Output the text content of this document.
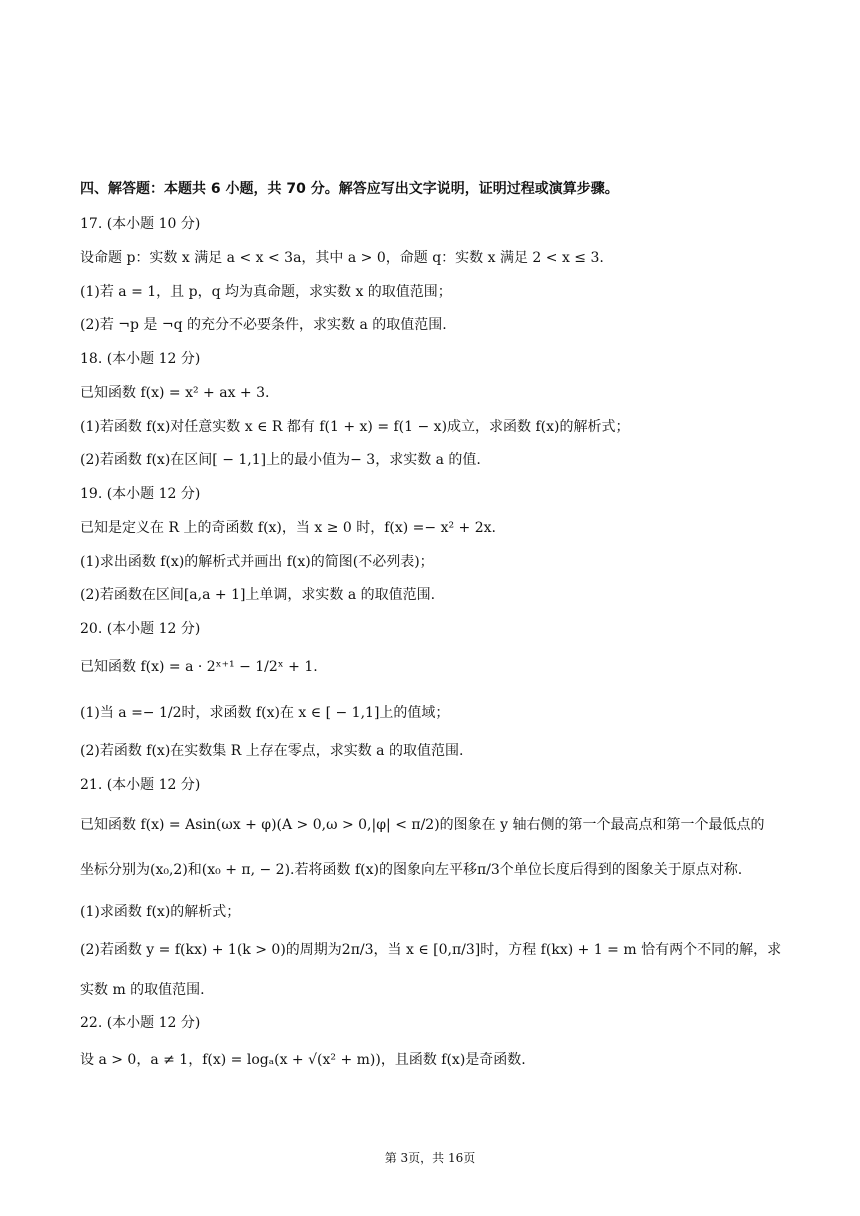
四、解答题：本题共 6 小题，共 70 分。解答应写出文字说明，证明过程或演算步骤。
17. (本小题 10 分)
设命题 p：实数 x 满足 a < x < 3a，其中 a > 0，命题 q：实数 x 满足 2 < x ≤ 3.
(1)若 a = 1，且 p，q 均为真命题，求实数 x 的取值范围；
(2)若 ¬p 是 ¬q 的充分不必要条件，求实数 a 的取值范围.
18. (本小题 12 分)
已知函数 f(x) = x² + ax + 3.
(1)若函数 f(x)对任意实数 x ∈ R 都有 f(1 + x) = f(1 − x)成立，求函数 f(x)的解析式；
(2)若函数 f(x)在区间[ − 1,1]上的最小值为− 3，求实数 a 的值.
19. (本小题 12 分)
已知是定义在 R 上的奇函数 f(x)，当 x ≥ 0 时，f(x) =− x² + 2x.
(1)求出函数 f(x)的解析式并画出 f(x)的简图(不必列表)；
(2)若函数在区间[a,a + 1]上单调，求实数 a 的取值范围.
20. (本小题 12 分)
已知函数 f(x) = a · 2ˣ⁺¹ − 1/2ˣ + 1.
(1)当 a =− 1/2时，求函数 f(x)在 x ∈ [ − 1,1]上的值域；
(2)若函数 f(x)在实数集 R 上存在零点，求实数 a 的取值范围.
21. (本小题 12 分)
已知函数 f(x) = Asin(ωx + φ)(A > 0,ω > 0,|φ| < π/2)的图象在 y 轴右侧的第一个最高点和第一个最低点的
坐标分别为(x₀,2)和(x₀ + π, − 2).若将函数 f(x)的图象向左平移π/3个单位长度后得到的图象关于原点对称.
(1)求函数 f(x)的解析式；
(2)若函数 y = f(kx) + 1(k > 0)的周期为2π/3，当 x ∈ [0,π/3]时，方程 f(kx) + 1 = m 恰有两个不同的解，求
实数 m 的取值范围.
22. (本小题 12 分)
设 a > 0，a ≠ 1，f(x) = logₐ(x + √(x² + m))，且函数 f(x)是奇函数.
第 3页，共 16页
